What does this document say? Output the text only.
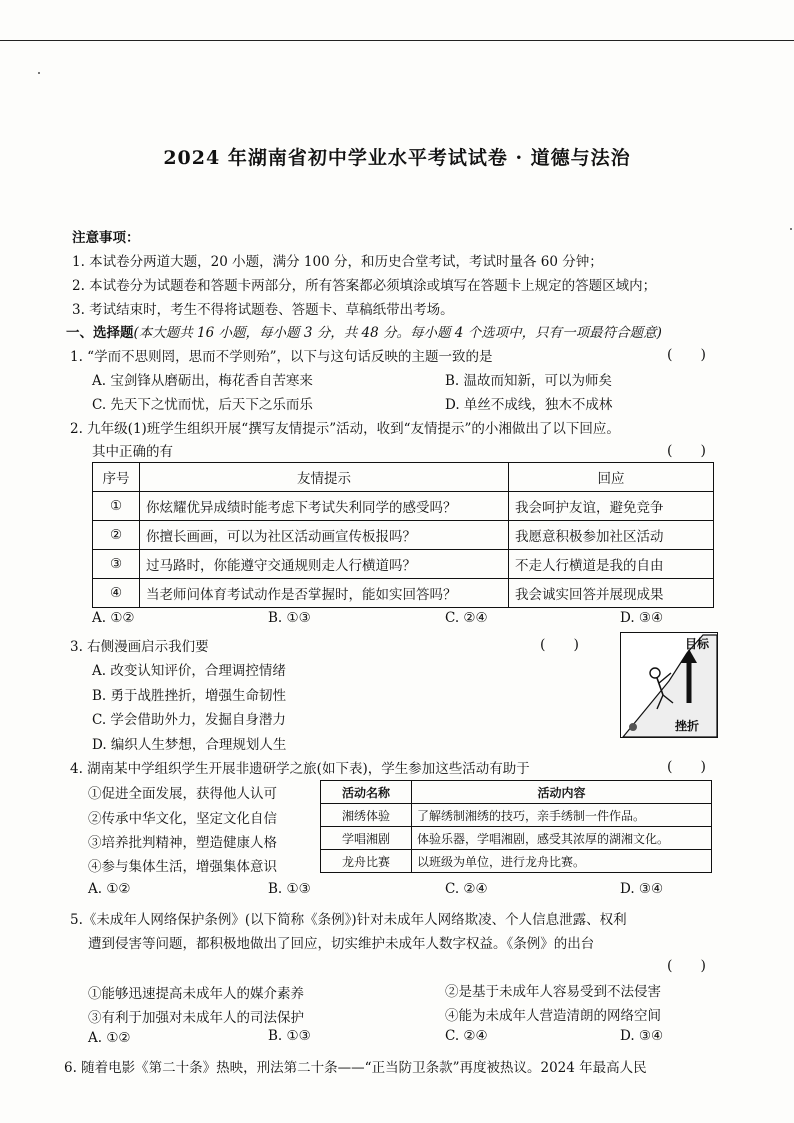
2024 年湖南省初中学业水平考试试卷 · 道德与法治
注意事项：
1. 本试卷分两道大题，20 小题，满分 100 分，和历史合堂考试，考试时量各 60 分钟；
2. 本试卷分为试题卷和答题卡两部分，所有答案都必须填涂或填写在答题卡上规定的答题区域内；
3. 考试结束时，考生不得将试题卷、答题卡、草稿纸带出考场。
一、选择题(本大题共 16 小题，每小题 3 分，共 48 分。每小题 4 个选项中，只有一项最符合题意)
1. “学而不思则罔，思而不学则殆”，以下与这句话反映的主题一致的是	(　　)
A. 宝剑锋从磨砺出，梅花香自苦寒来	B. 温故而知新，可以为师矣
C. 先天下之忧而忧，后天下之乐而乐	D. 单丝不成线，独木不成林
2. 九年级(1)班学生组织开展“撰写友情提示”活动，收到“友情提示”的小湘做出了以下回应。
其中正确的有	(　　)
序号	友情提示	回应
①	你炫耀优异成绩时能考虑下考试失利同学的感受吗？	我会呵护友谊，避免竞争
②	你擅长画画，可以为社区活动画宣传板报吗？	我愿意积极参加社区活动
③	过马路时，你能遵守交通规则走人行横道吗？	不走人行横道是我的自由
④	当老师问体育考试动作是否掌握时，能如实回答吗？	我会诚实回答并展现成果
A. ①②	B. ①③	C. ②④	D. ③④
3. 右侧漫画启示我们要	(　　)
A. 改变认知评价，合理调控情绪
B. 勇于战胜挫折，增强生命韧性
C. 学会借助外力，发掘自身潜力
D. 编织人生梦想，合理规划人生
目标
挫折
4. 湖南某中学组织学生开展非遗研学之旅(如下表)，学生参加这些活动有助于	(　　)
①促进全面发展，获得他人认可
②传承中华文化，坚定文化自信
③培养批判精神，塑造健康人格
④参与集体生活，增强集体意识
活动名称	活动内容
湘绣体验	了解绣制湘绣的技巧，亲手绣制一件作品。
学唱湘剧	体验乐器，学唱湘剧，感受其浓厚的湖湘文化。
龙舟比赛	以班级为单位，进行龙舟比赛。
A. ①②	B. ①③	C. ②④	D. ③④
5.《未成年人网络保护条例》(以下简称《条例》)针对未成年人网络欺凌、个人信息泄露、权利
遭到侵害等问题，都积极地做出了回应，切实维护未成年人数字权益。《条例》的出台
(　　)
①能够迅速提高未成年人的媒介素养	②是基于未成年人容易受到不法侵害
③有利于加强对未成年人的司法保护	④能为未成年人营造清朗的网络空间
A. ①②	B. ①③	C. ②④	D. ③④
6. 随着电影《第二十条》热映，刑法第二十条——“正当防卫条款”再度被热议。2024 年最高人民
